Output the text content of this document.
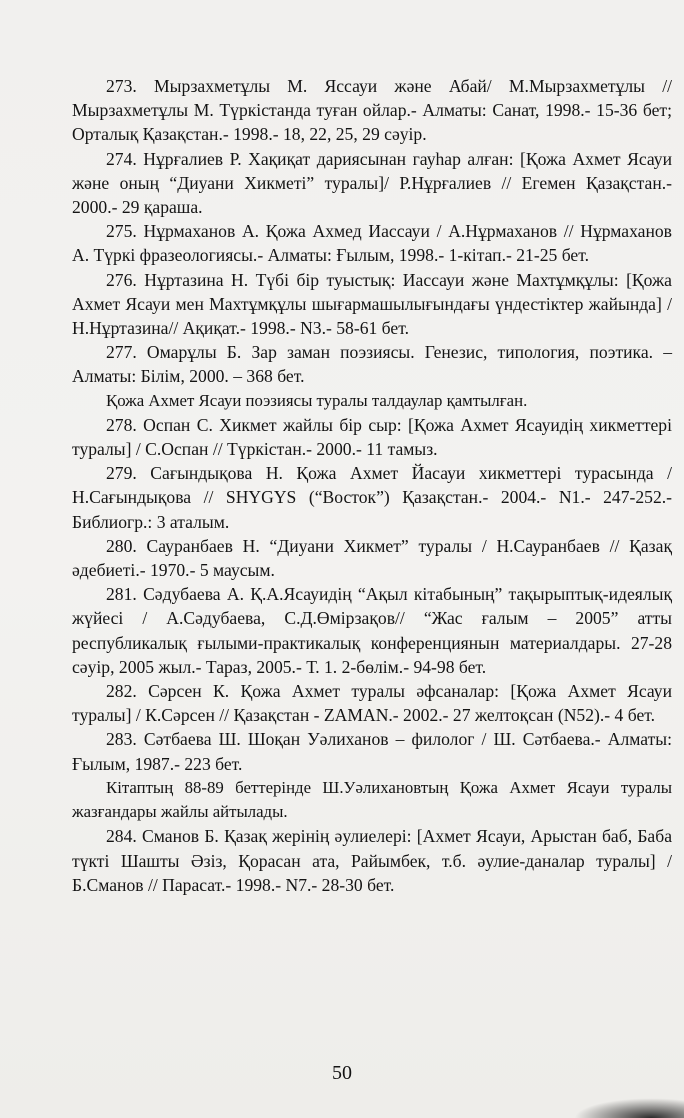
273. Мырзахметұлы М. Яссауи және Абай/ М.Мырзахметұлы // Мырзахметұлы М. Түркістанда туған ойлар.- Алматы: Санат, 1998.- 15-36 бет; Орталық Қазақстан.- 1998.- 18, 22, 25, 29 сәуір.

274. Нұрғалиев Р. Хақиқат дариясынан гауһар алған: [Қожа Ахмет Ясауи және оның “Диуани Хикметі” туралы]/ Р.Нұрғалиев // Егемен Қазақстан.- 2000.- 29 қараша.

275. Нұрмаханов А. Қожа Ахмед Иассауи / А.Нұрмаханов // Нұрмаханов А. Түркі фразеологиясы.- Алматы: Ғылым, 1998.- 1-кітап.- 21-25 бет.

276. Нұртазина Н. Түбі бір туыстық: Иассауи және Махтұмқұлы: [Қожа Ахмет Ясауи мен Махтұмқұлы шығармашылығындағы үндестіктер жайында] / Н.Нұртазина// Ақиқат.- 1998.- N3.- 58-61 бет.

277. Омарұлы Б. Зар заман поэзиясы. Генезис, типология, поэтика. – Алматы: Білім, 2000. – 368 бет.

Қожа Ахмет Ясауи поэзиясы туралы талдаулар қамтылған.

278. Оспан С. Хикмет жайлы бір сыр: [Қожа Ахмет Ясауидің хикметтері туралы] / С.Оспан // Түркістан.- 2000.- 11 тамыз.

279. Сағындықова Н. Қожа Ахмет Йасауи хикметтері турасында / Н.Сағындықова // SHYGYS (“Восток”) Қазақстан.- 2004.- N1.- 247-252.- Библиогр.: 3 аталым.

280. Сауранбаев Н. “Диуани Хикмет” туралы / Н.Сауранбаев // Қазақ әдебиеті.- 1970.- 5 маусым.

281. Сәдубаева А. Қ.А.Ясауидің “Ақыл кітабының” тақырыптық-идеялық жүйесі / А.Сәдубаева, С.Д.Өмірзақов// “Жас ғалым – 2005” атты республикалық ғылыми-практикалық конференциянын материалдары. 27-28 сәуір, 2005 жыл.- Тараз, 2005.- Т. 1. 2-бөлім.- 94-98 бет.

282. Сәрсен К. Қожа Ахмет туралы әфсаналар: [Қожа Ахмет Ясауи туралы] / К.Сәрсен // Қазақстан - ZAMAN.- 2002.- 27 желтоқсан (N52).- 4 бет.

283. Сәтбаева Ш. Шоқан Уәлиханов – филолог / Ш. Сәтбаева.- Алматы: Ғылым, 1987.- 223 бет.

Кітаптың 88-89 беттерінде Ш.Уәлихановтың Қожа Ахмет Ясауи туралы жазғандары жайлы айтылады.

284. Сманов Б. Қазақ жерінің әулиелері: [Ахмет Ясауи, Арыстан баб, Баба түкті Шашты Әзіз, Қорасан ата, Райымбек, т.б. әулие-даналар туралы] / Б.Сманов // Парасат.- 1998.- N7.- 28-30 бет.

50
